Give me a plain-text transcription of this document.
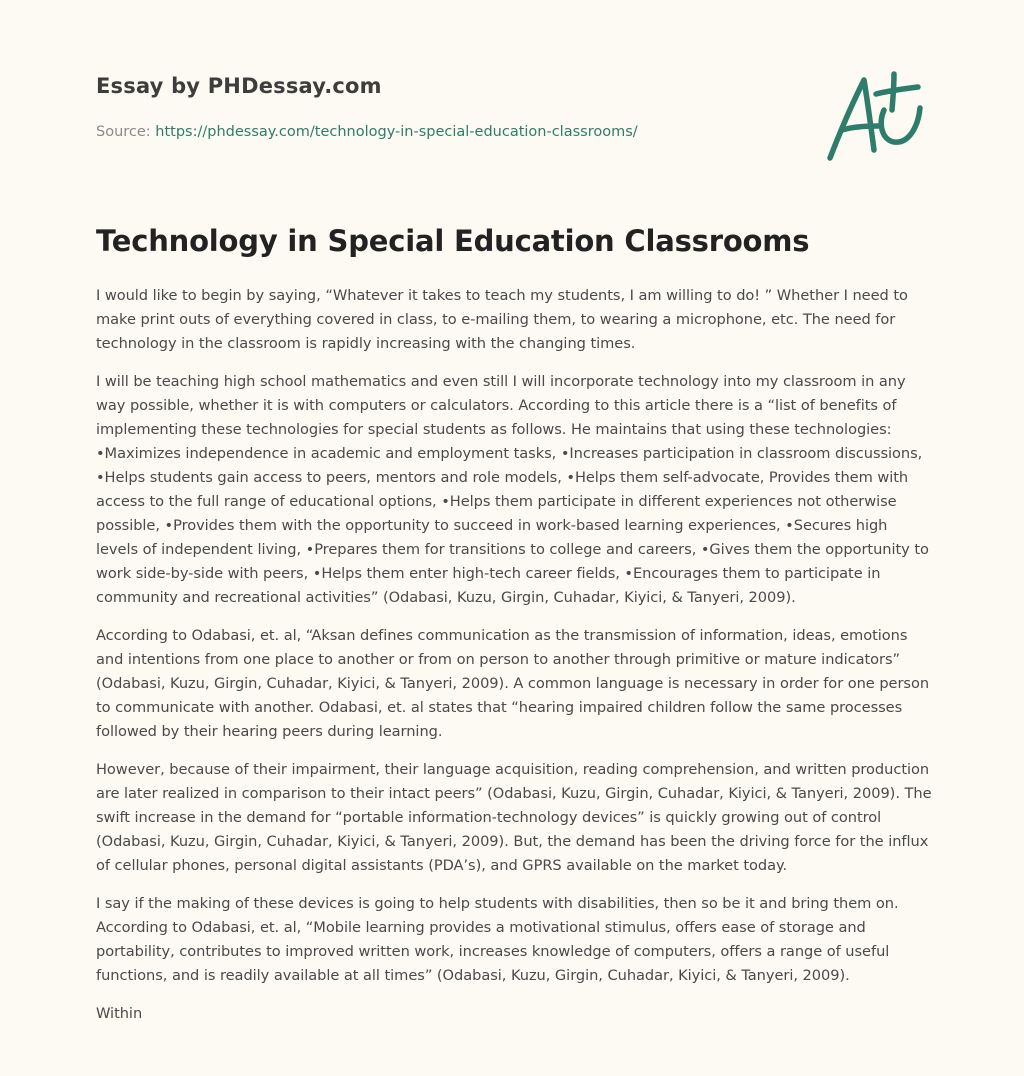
Essay by PHDessay.com
Source: https://phdessay.com/technology-in-special-education-classrooms/
Technology in Special Education Classrooms

I would like to begin by saying, “Whatever it takes to teach my students, I am willing to do! ” Whether I need to make print outs of everything covered in class, to e-mailing them, to wearing a microphone, etc. The need for technology in the classroom is rapidly increasing with the changing times.

I will be teaching high school mathematics and even still I will incorporate technology into my classroom in any way possible, whether it is with computers or calculators. According to this article there is a “list of benefits of implementing these technologies for special students as follows. He maintains that using these technologies: •Maximizes independence in academic and employment tasks, •Increases participation in classroom discussions, •Helps students gain access to peers, mentors and role models, •Helps them self-advocate, Provides them with access to the full range of educational options, •Helps them participate in different experiences not otherwise possible, •Provides them with the opportunity to succeed in work-based learning experiences, •Secures high levels of independent living, •Prepares them for transitions to college and careers, •Gives them the opportunity to work side-by-side with peers, •Helps them enter high-tech career fields, •Encourages them to participate in community and recreational activities” (Odabasi, Kuzu, Girgin, Cuhadar, Kiyici, & Tanyeri, 2009).

According to Odabasi, et. al, “Aksan defines communication as the transmission of information, ideas, emotions and intentions from one place to another or from on person to another through primitive or mature indicators” (Odabasi, Kuzu, Girgin, Cuhadar, Kiyici, & Tanyeri, 2009). A common language is necessary in order for one person to communicate with another. Odabasi, et. al states that “hearing impaired children follow the same processes followed by their hearing peers during learning.

However, because of their impairment, their language acquisition, reading comprehension, and written production are later realized in comparison to their intact peers” (Odabasi, Kuzu, Girgin, Cuhadar, Kiyici, & Tanyeri, 2009). The swift increase in the demand for “portable information-technology devices” is quickly growing out of control (Odabasi, Kuzu, Girgin, Cuhadar, Kiyici, & Tanyeri, 2009). But, the demand has been the driving force for the influx of cellular phones, personal digital assistants (PDA’s), and GPRS available on the market today.

I say if the making of these devices is going to help students with disabilities, then so be it and bring them on. According to Odabasi, et. al, “Mobile learning provides a motivational stimulus, offers ease of storage and portability, contributes to improved written work, increases knowledge of computers, offers a range of useful functions, and is readily available at all times” (Odabasi, Kuzu, Girgin, Cuhadar, Kiyici, & Tanyeri, 2009).

Within
